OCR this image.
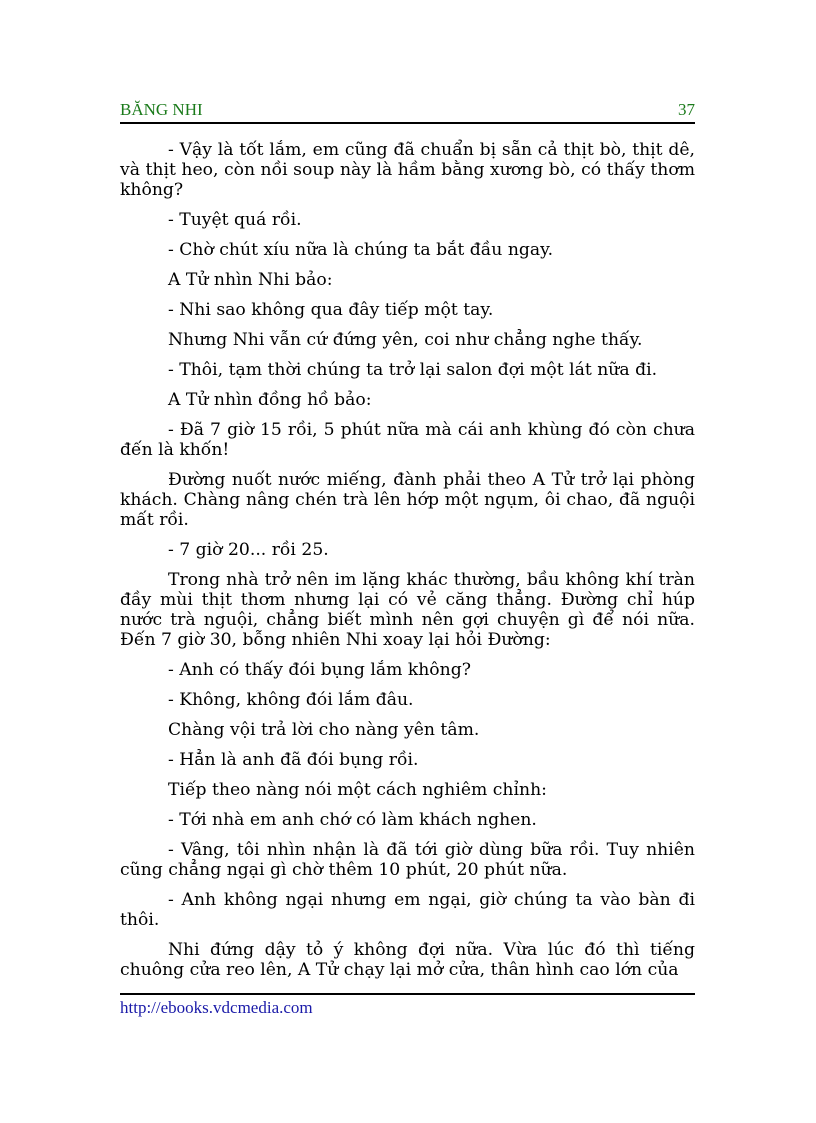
BĂNG NHI	37

- Vậy là tốt lắm, em cũng đã chuẩn bị sẵn cả thịt bò, thịt dê, và thịt heo, còn nồi soup này là hầm bằng xương bò, có thấy thơm không?

- Tuyệt quá rồi.

- Chờ chút xíu nữa là chúng ta bắt đầu ngay.

A Tử nhìn Nhi bảo:

- Nhi sao không qua đây tiếp một tay.

Nhưng Nhi vẫn cứ đứng yên, coi như chẳng nghe thấy.

- Thôi, tạm thời chúng ta trở lại salon đợi một lát nữa đi.

A Tử nhìn đồng hồ bảo:

- Đã 7 giờ 15 rồi, 5 phút nữa mà cái anh khùng đó còn chưa đến là khốn!

Đường nuốt nước miếng, đành phải theo A Tử trở lại phòng khách. Chàng nâng chén trà lên hớp một ngụm, ôi chao, đã nguội mất rồi.

- 7 giờ 20... rồi 25.

Trong nhà trở nên im lặng khác thường, bầu không khí tràn đầy mùi thịt thơm nhưng lại có vẻ căng thẳng. Đường chỉ húp nước trà nguội, chẳng biết mình nên gợi chuyện gì để nói nữa. Đến 7 giờ 30, bỗng nhiên Nhi xoay lại hỏi Đường:

- Anh có thấy đói bụng lắm không?

- Không, không đói lắm đâu.

Chàng vội trả lời cho nàng yên tâm.

- Hẳn là anh đã đói bụng rồi.

Tiếp theo nàng nói một cách nghiêm chỉnh:

- Tới nhà em anh chớ có làm khách nghen.

- Vâng, tôi nhìn nhận là đã tới giờ dùng bữa rồi. Tuy nhiên cũng chẳng ngại gì chờ thêm 10 phút, 20 phút nữa.

- Anh không ngại nhưng em ngại, giờ chúng ta vào bàn đi thôi.

Nhi đứng dậy tỏ ý không đợi nữa. Vừa lúc đó thì tiếng chuông cửa reo lên, A Tử chạy lại mở cửa, thân hình cao lớn của

http://ebooks.vdcmedia.com
